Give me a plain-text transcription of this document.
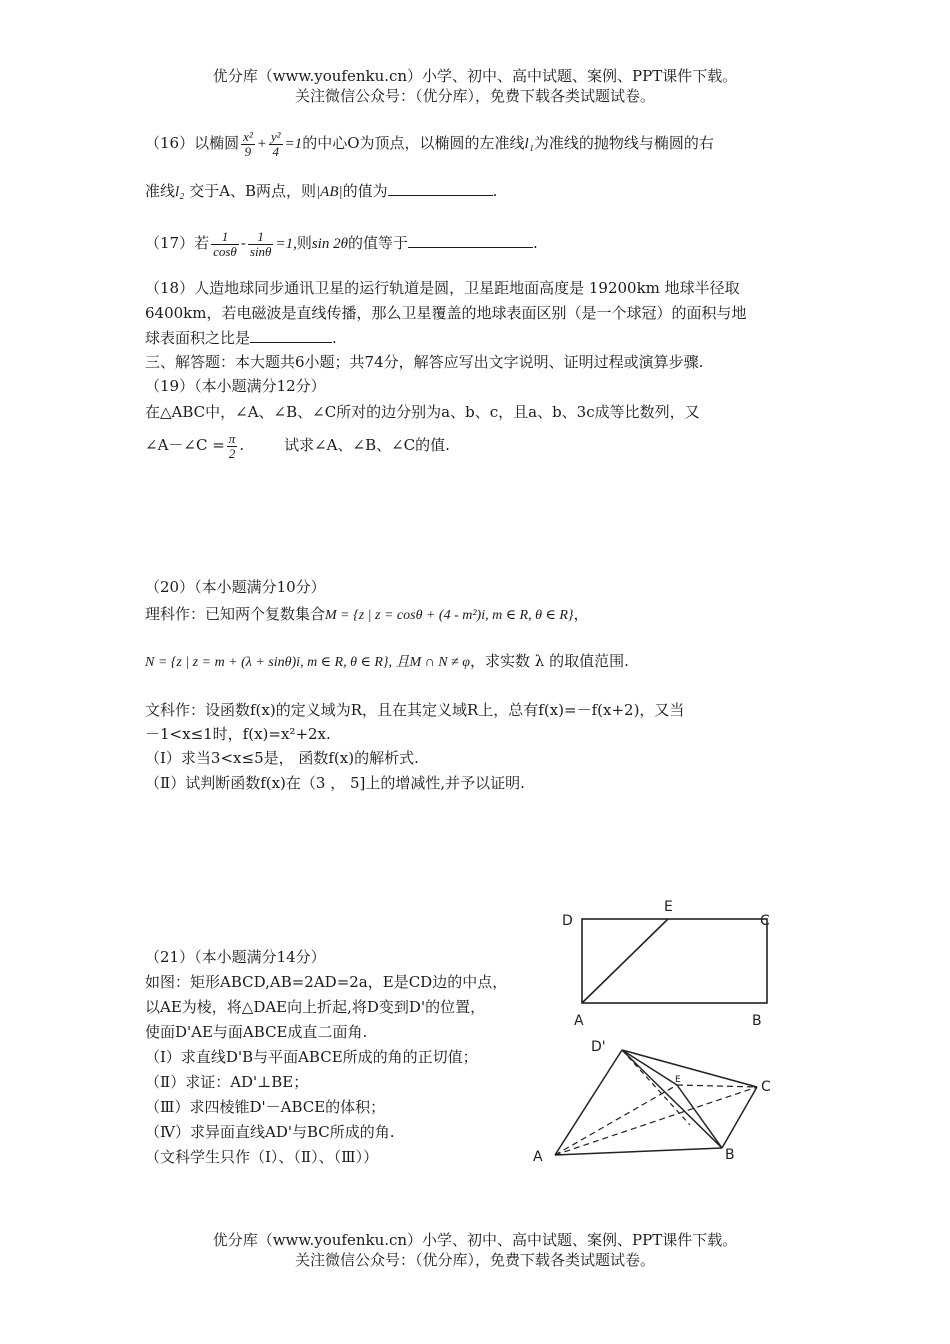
优分库（www.youfenku.cn）小学、初中、高中试题、案例、PPT课件下载。
关注微信公众号：（优分库），免费下载各类试题试卷。
（16）以椭圆 $\frac{\text{x²}}{9} + \frac{\text{y²}}{4} =1$的中心O为顶点，以椭圆的左准线l₁为准线的抛物线与椭圆的右
准线l₂ 交于A、B两点，则|AB|的值为	.
（17）若 $\frac{1}{\cos\theta} - \frac{1}{\sin\theta} =1$,则sin 2θ的值等于	.
（18）人造地球同步通讯卫星的运行轨道是圆，卫星距地面高度是 19200km 地球半径取
6400km，若电磁波是直线传播，那么卫星覆盖的地球表面区别（是一个球冠）的面积与地
球表面积之比是	.
三、解答题：本大题共6小题；共74分，解答应写出文字说明、证明过程或演算步骤.
（19）（本小题满分12分）
在△ABC中，∠A、∠B、∠C所对的边分别为a、b、c，且a、b、3c成等比数列，又
∠A－∠C = $\frac{\pi}{2}$ .	试求∠A、∠B、∠C的值.
（20）（本小题满分10分）
理科作：已知两个复数集合M = {z | z = cosθ + (4 - m²)i, m ∈ R, θ ∈ R}，
N = {z | z = m + (λ + sinθ)i, m ∈ R, θ ∈ R}, 且M ∩ N ≠ φ，求实数 λ 的取值范围.
文科作：设函数f(x)的定义域为R，且在其定义域R上，总有f(x)=－f(x+2)，又当
－1<x≤1时，f(x)=x²+2x.
（Ⅰ）求当3<x≤5是， 函数f(x)的解析式.
（Ⅱ）试判断函数f(x)在（3 ， 5]上的增减性,并予以证明.
（21）（本小题满分14分）
如图：矩形ABCD,AB=2AD=2a，E是CD边的中点，
以AE为棱，将△DAE向上折起,将D变到D'的位置，
使面D'AE与面ABCE成直二面角.
（Ⅰ）求直线D'B与平面ABCE所成的角的正切值；
（Ⅱ）求证：AD'⊥BE；
（Ⅲ）求四棱锥D'－ABCE的体积；
（Ⅳ）求异面直线AD'与BC所成的角.
（文科学生只作（Ⅰ）、（Ⅱ）、（Ⅲ））
D
E
C
A	B
D'
E	C
A	B
优分库（www.youfenku.cn）小学、初中、高中试题、案例、PPT课件下载。
关注微信公众号：（优分库），免费下载各类试题试卷。
